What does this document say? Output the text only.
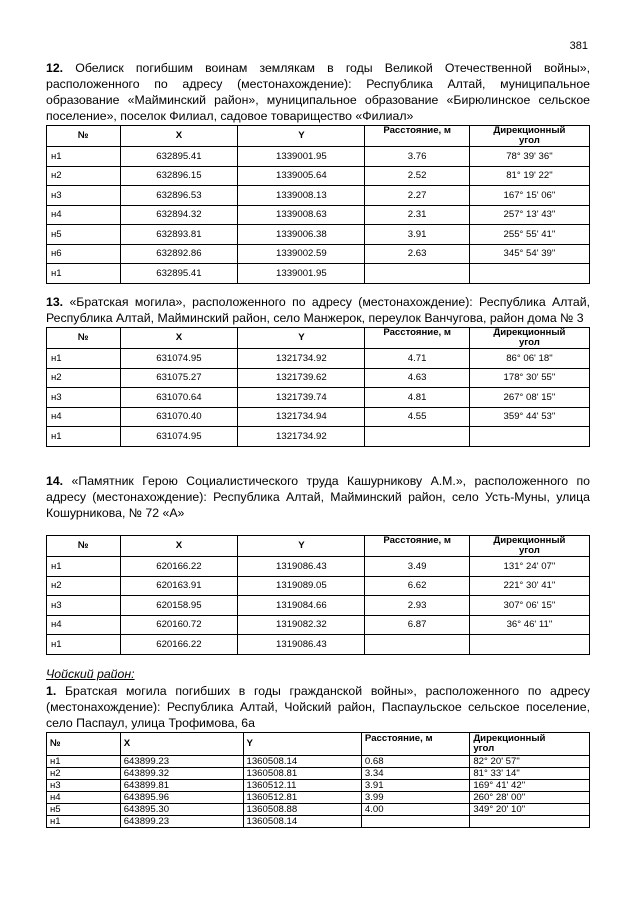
381

12. Обелиск погибшим воинам землякам в годы Великой Отечественной войны», расположенного по адресу (местонахождение): Республика Алтай, муниципальное образование «Майминский район», муниципальное образование «Бирюлинское сельское поселение», поселок Филиал, садовое товарищество «Филиал»

№	X	Y	Расстояние, м	Дирекционный
угол
н1	632895.41	1339001.95	3.76	78° 39' 36"
н2	632896.15	1339005.64	2.52	81° 19' 22"
н3	632896.53	1339008.13	2.27	167° 15' 06"
н4	632894.32	1339008.63	2.31	257° 13' 43"
н5	632893.81	1339006.38	3.91	255° 55' 41"
н6	632892.86	1339002.59	2.63	345° 54' 39"
н1	632895.41	1339001.95		

13. «Братская могила», расположенного по адресу (местонахождение): Республика Алтай, Республика Алтай, Майминский район, село Манжерок, переулок Ванчугова, район дома № 3

№	X	Y	Расстояние, м	Дирекционный
угол
н1	631074.95	1321734.92	4.71	86° 06' 18"
н2	631075.27	1321739.62	4.63	178° 30' 55"
н3	631070.64	1321739.74	4.81	267° 08' 15"
н4	631070.40	1321734.94	4.55	359° 44' 53"
н1	631074.95	1321734.92		

14. «Памятник Герою Социалистического труда Кашурникову А.М.», расположенного по адресу (местонахождение): Республика Алтай, Майминский район, село Усть-Муны, улица Кошурникова, № 72 «А»

№	X	Y	Расстояние, м	Дирекционный
угол
н1	620166.22	1319086.43	3.49	131° 24' 07"
н2	620163.91	1319089.05	6.62	221° 30' 41"
н3	620158.95	1319084.66	2.93	307° 06' 15"
н4	620160.72	1319082.32	6.87	36° 46' 11"
н1	620166.22	1319086.43		

Чойский район:

1. Братская могила погибших в годы гражданской войны», расположенного по адресу (местонахождение): Республика Алтай, Чойский район, Паспаульское сельское поселение, село Паспаул, улица Трофимова, 6а

№	X	Y	Расстояние, м	Дирекционный
угол
н1	643899.23	1360508.14	0.68	82° 20' 57"
н2	643899.32	1360508.81	3.34	81° 33' 14"
н3	643899.81	1360512.11	3.91	169° 41' 42"
н4	643895.96	1360512.81	3.99	260° 28' 00"
н5	643895.30	1360508.88	4.00	349° 20' 10"
н1	643899.23	1360508.14		
